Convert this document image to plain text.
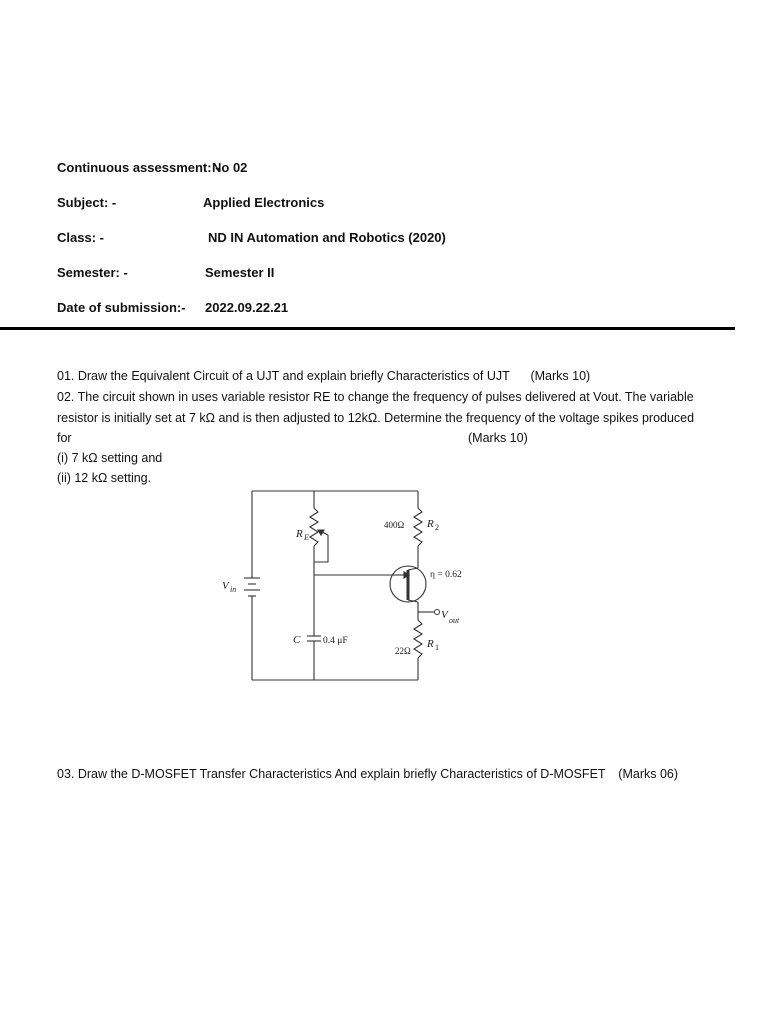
Continuous assessment: -
No 02
Subject: -	Applied Electronics
Class: -	ND IN Automation and Robotics (2020)
Semester: -	Semester II
Date of submission:- 2022.09.22.21
01. Draw the Equivalent Circuit of a UJT and explain briefly Characteristics of UJT (Marks 10)
02. The circuit shown in uses variable resistor RE to change the frequency of pulses delivered at Vout. The variable
resistor is initially set at 7 kΩ and is then adjusted to 12kΩ. Determine the frequency of the voltage spikes produced
for	(Marks 10)
(i) 7 kΩ setting and
(ii) 12 kΩ setting.
R E
400Ω R 2
η = 0.62
V in
V out
C 0.4 μF
22Ω
R 1
03. Draw the D-MOSFET Transfer Characteristics And explain briefly Characteristics of D-MOSFET (Marks 06)
